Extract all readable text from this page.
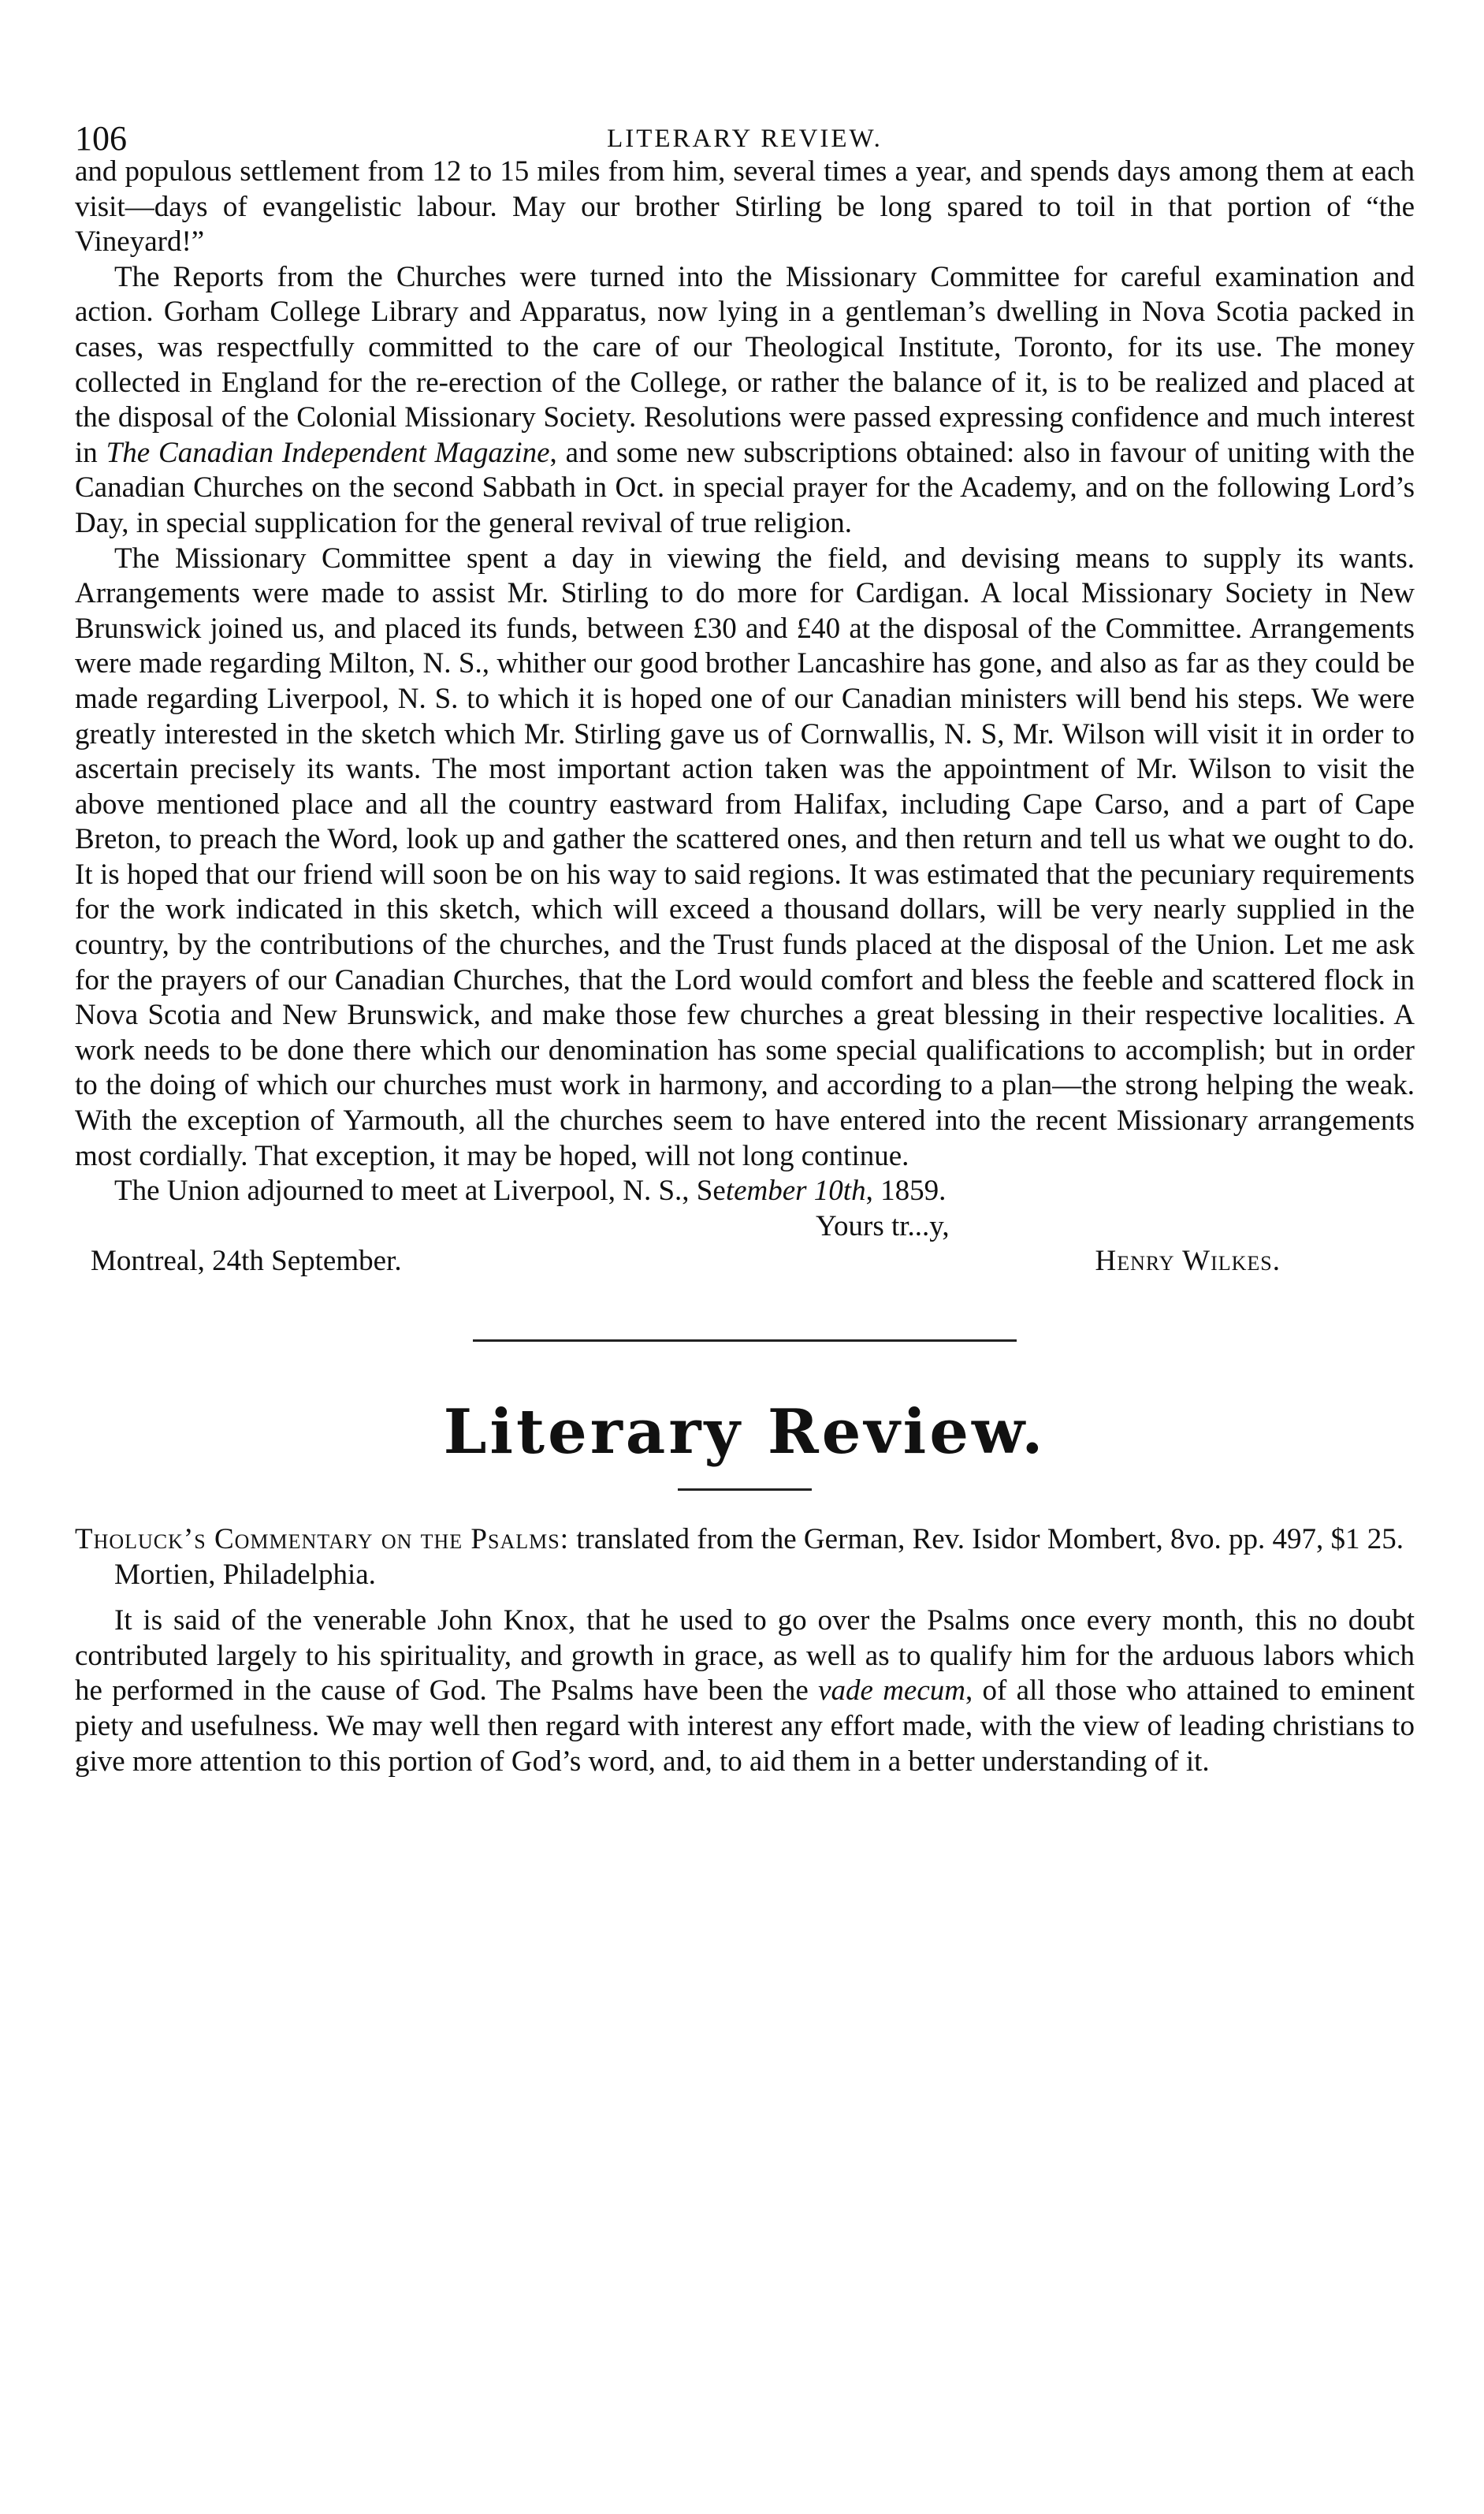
106	LITERARY REVIEW.

and populous settlement from 12 to 15 miles from him, several times a year, and spends days among them at each visit—days of evangelistic labour. May our brother Stirling be long spared to toil in that portion of “the Vineyard!”

The Reports from the Churches were turned into the Missionary Committee for careful examination and action. Gorham College Library and Apparatus, now lying in a gentleman’s dwelling in Nova Scotia packed in cases, was respectfully committed to the care of our Theological Institute, Toronto, for its use. The money collected in England for the re-erection of the College, or rather the balance of it, is to be realized and placed at the disposal of the Colonial Missionary Society. Resolutions were passed expressing confidence and much interest in The Canadian Independent Magazine, and some new subscriptions obtained: also in favour of uniting with the Canadian Churches on the second Sabbath in Oct. in special prayer for the Academy, and on the following Lord’s Day, in special supplication for the general revival of true religion.

The Missionary Committee spent a day in viewing the field, and devising means to supply its wants. Arrangements were made to assist Mr. Stirling to do more for Cardigan. A local Missionary Society in New Brunswick joined us, and placed its funds, between £30 and £40 at the disposal of the Committee. Arrangements were made regarding Milton, N. S., whither our good brother Lancashire has gone, and also as far as they could be made regarding Liverpool, N. S. to which it is hoped one of our Canadian ministers will bend his steps. We were greatly interested in the sketch which Mr. Stirling gave us of Cornwallis, N. S, Mr. Wilson will visit it in order to ascertain precisely its wants. The most important action taken was the appointment of Mr. Wilson to visit the above mentioned place and all the country eastward from Halifax, including Cape Carso, and a part of Cape Breton, to preach the Word, look up and gather the scattered ones, and then return and tell us what we ought to do. It is hoped that our friend will soon be on his way to said regions. It was estimated that the pecuniary requirements for the work indicated in this sketch, which will exceed a thousand dollars, will be very nearly supplied in the country, by the contributions of the churches, and the Trust funds placed at the disposal of the Union. Let me ask for the prayers of our Canadian Churches, that the Lord would comfort and bless the feeble and scattered flock in Nova Scotia and New Brunswick, and make those few churches a great blessing in their respective localities. A work needs to be done there which our denomination has some special qualifications to accomplish; but in order to the doing of which our churches must work in harmony, and according to a plan—the strong helping the weak. With the exception of Yarmouth, all the churches seem to have entered into the recent Missionary arrangements most cordially. That exception, it may be hoped, will not long continue.

The Union adjourned to meet at Liverpool, N. S., Setember 10th, 1859.
Yours tr...y,
Montreal, 24th September.	Henry Wilkes.
Literary Review.

Tholuck’s Commentary on the Psalms: translated from the German, Rev. Isidor Mombert, 8vo. pp. 497, $1 25. Mortien, Philadelphia.

It is said of the venerable John Knox, that he used to go over the Psalms once every month, this no doubt contributed largely to his spirituality, and growth in grace, as well as to qualify him for the arduous labors which he performed in the cause of God. The Psalms have been the vade mecum, of all those who attained to eminent piety and usefulness. We may well then regard with interest any effort made, with the view of leading christians to give more attention to this portion of God’s word, and, to aid them in a better understanding of it.
